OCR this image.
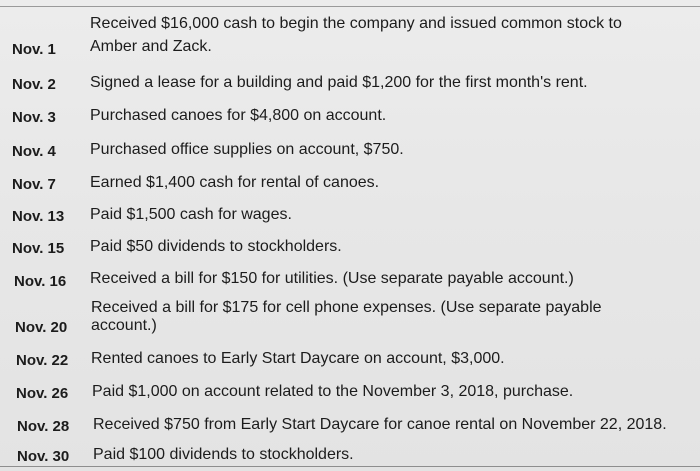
Nov. 1
Received $16,000 cash to begin the company and issued common stock to
Amber and Zack.
Nov. 2 Signed a lease for a building and paid $1,200 for the first month's rent.
Nov. 3 Purchased canoes for $4,800 on account.
Nov. 4 Purchased office supplies on account, $750.
Nov. 7 Earned $1,400 cash for rental of canoes.
Nov. 13 Paid $1,500 cash for wages.
Nov. 15 Paid $50 dividends to stockholders.
Nov. 16 Received a bill for $150 for utilities. (Use separate payable account.)
Nov. 20
Received a bill for $175 for cell phone expenses. (Use separate payable
account.)
Nov. 22 Rented canoes to Early Start Daycare on account, $3,000.
Nov. 26 Paid $1,000 on account related to the November 3, 2018, purchase.
Nov. 28 Received $750 from Early Start Daycare for canoe rental on November 22, 2018.
Nov. 30 Paid $100 dividends to stockholders.
